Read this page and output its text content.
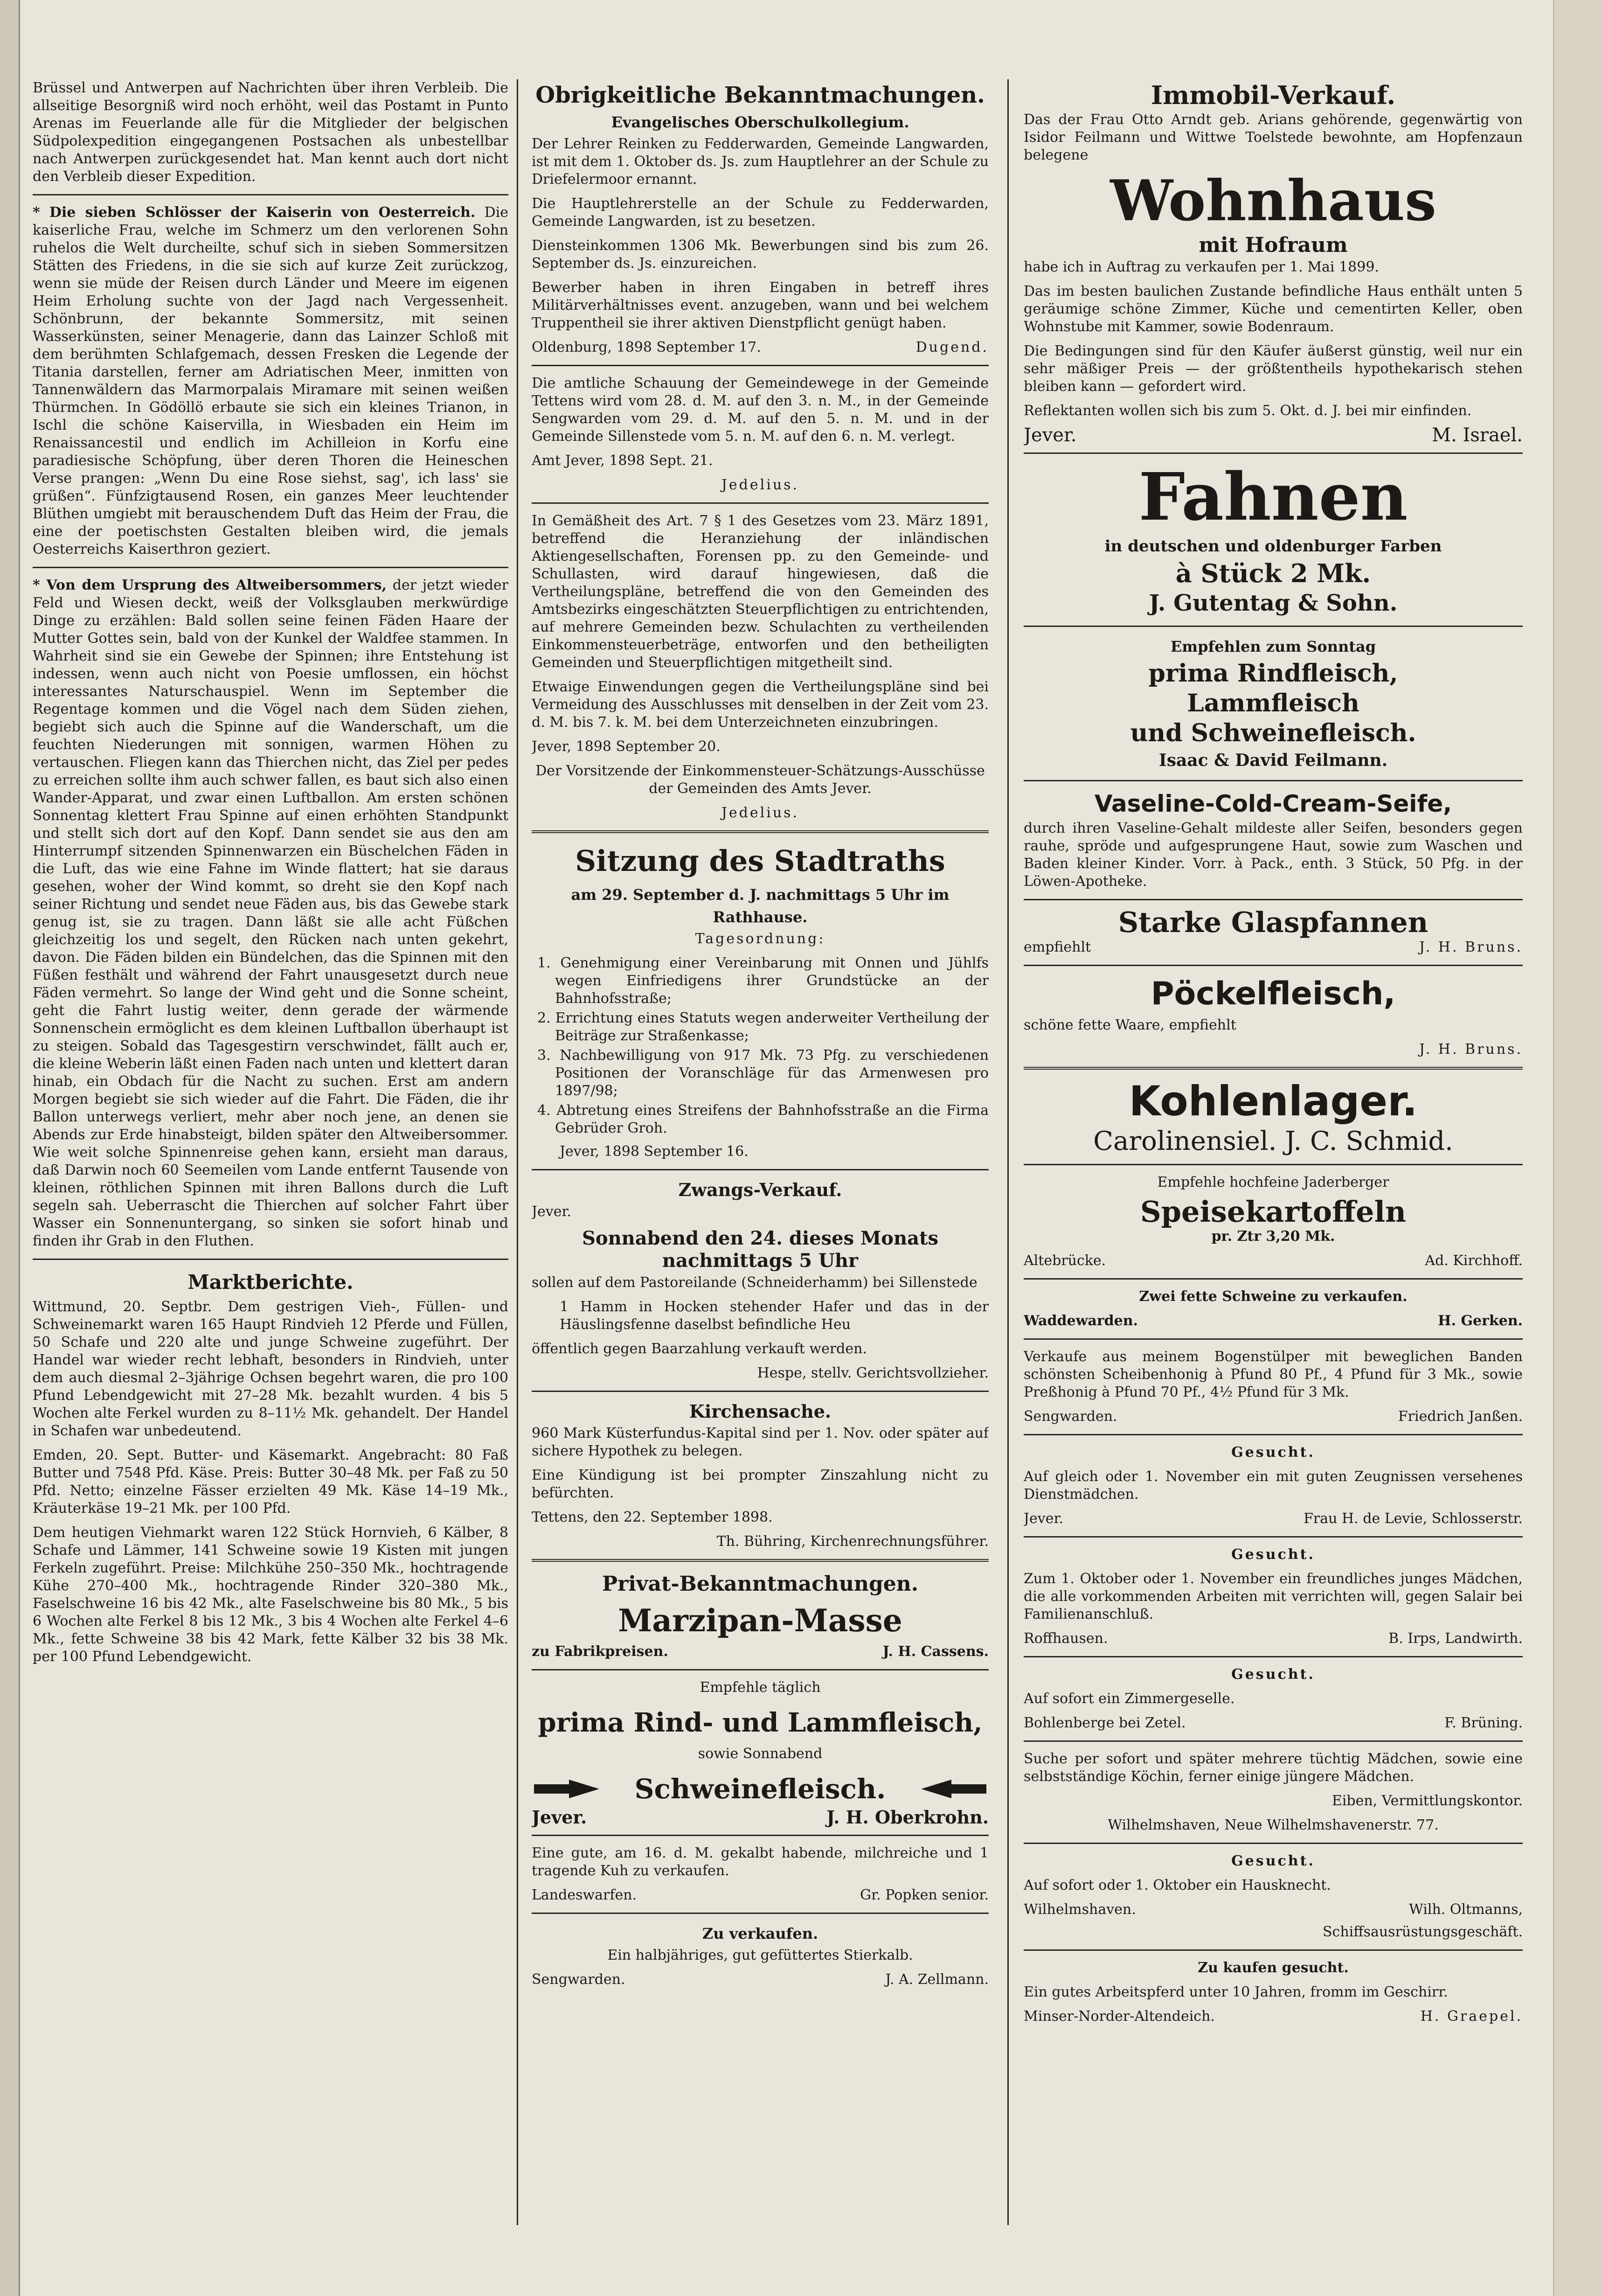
Brüssel und Antwerpen auf Nachrichten über ihren Verbleib. Die allseitige Besorgniß wird noch erhöht, weil das Postamt in Punto Arenas im Feuerlande alle für die Mitglieder der belgischen Südpolexpedition eingegangenen Postsachen als unbestellbar nach Antwerpen zurückgesendet hat. Man kennt auch dort nicht den Verbleib dieser Expedition.

* Die sieben Schlösser der Kaiserin von Oesterreich. Die kaiserliche Frau, welche im Schmerz um den verlorenen Sohn ruhelos die Welt durcheilte, schuf sich in sieben Sommersitzen Stätten des Friedens, in die sie sich auf kurze Zeit zurückzog, wenn sie müde der Reisen durch Länder und Meere im eigenen Heim Erholung suchte von der Jagd nach Vergessenheit. Schönbrunn, der bekannte Sommersitz, mit seinen Wasserkünsten, seiner Menagerie, dann das Lainzer Schloß mit dem berühmten Schlafgemach, dessen Fresken die Legende der Titania darstellen, ferner am Adriatischen Meer, inmitten von Tannenwäldern das Marmorpalais Miramare mit seinen weißen Thürmchen. In Gödöllö erbaute sie sich ein kleines Trianon, in Ischl die schöne Kaiservilla, in Wiesbaden ein Heim im Renaissancestil und endlich im Achilleion in Korfu eine paradiesische Schöpfung, über deren Thoren die Heineschen Verse prangen: „Wenn Du eine Rose siehst, sag', ich lass' sie grüßen“. Fünfzigtausend Rosen, ein ganzes Meer leuchtender Blüthen umgiebt mit berauschendem Duft das Heim der Frau, die eine der poetischsten Gestalten bleiben wird, die jemals Oesterreichs Kaiserthron geziert.

* Von dem Ursprung des Altweibersommers, der jetzt wieder Feld und Wiesen deckt, weiß der Volksglauben merkwürdige Dinge zu erzählen: Bald sollen seine feinen Fäden Haare der Mutter Gottes sein, bald von der Kunkel der Waldfee stammen. In Wahrheit sind sie ein Gewebe der Spinnen; ihre Entstehung ist indessen, wenn auch nicht von Poesie umflossen, ein höchst interessantes Naturschauspiel. Wenn im September die Regentage kommen und die Vögel nach dem Süden ziehen, begiebt sich auch die Spinne auf die Wanderschaft, um die feuchten Niederungen mit sonnigen, warmen Höhen zu vertauschen. Fliegen kann das Thierchen nicht, das Ziel per pedes zu erreichen sollte ihm auch schwer fallen, es baut sich also einen Wander-Apparat, und zwar einen Luftballon. Am ersten schönen Sonnentag klettert Frau Spinne auf einen erhöhten Standpunkt und stellt sich dort auf den Kopf. Dann sendet sie aus den am Hinterrumpf sitzenden Spinnenwarzen ein Büschelchen Fäden in die Luft, das wie eine Fahne im Winde flattert; hat sie daraus gesehen, woher der Wind kommt, so dreht sie den Kopf nach seiner Richtung und sendet neue Fäden aus, bis das Gewebe stark genug ist, sie zu tragen. Dann läßt sie alle acht Füßchen gleichzeitig los und segelt, den Rücken nach unten gekehrt, davon. Die Fäden bilden ein Bündelchen, das die Spinnen mit den Füßen festhält und während der Fahrt unausgesetzt durch neue Fäden vermehrt. So lange der Wind geht und die Sonne scheint, geht die Fahrt lustig weiter, denn gerade der wärmende Sonnenschein ermöglicht es dem kleinen Luftballon überhaupt ist zu steigen. Sobald das Tagesgestirn verschwindet, fällt auch er, die kleine Weberin läßt einen Faden nach unten und klettert daran hinab, ein Obdach für die Nacht zu suchen. Erst am andern Morgen begiebt sie sich wieder auf die Fahrt. Die Fäden, die ihr Ballon unterwegs verliert, mehr aber noch jene, an denen sie Abends zur Erde hinabsteigt, bilden später den Altweibersommer. Wie weit solche Spinnenreise gehen kann, ersieht man daraus, daß Darwin noch 60 Seemeilen vom Lande entfernt Tausende von kleinen, röthlichen Spinnen mit ihren Ballons durch die Luft segeln sah. Ueberrascht die Thierchen auf solcher Fahrt über Wasser ein Sonnenuntergang, so sinken sie sofort hinab und finden ihr Grab in den Fluthen.

Marktberichte.

Wittmund, 20. Septbr. Dem gestrigen Vieh-, Füllen- und Schweinemarkt waren 165 Haupt Rindvieh 12 Pferde und Füllen, 50 Schafe und 220 alte und junge Schweine zugeführt. Der Handel war wieder recht lebhaft, besonders in Rindvieh, unter dem auch diesmal 2–3jährige Ochsen begehrt waren, die pro 100 Pfund Lebendgewicht mit 27–28 Mk. bezahlt wurden. 4 bis 5 Wochen alte Ferkel wurden zu 8–11½ Mk. gehandelt. Der Handel in Schafen war unbedeutend.

Emden, 20. Sept. Butter- und Käsemarkt. Angebracht: 80 Faß Butter und 7548 Pfd. Käse. Preis: Butter 30–48 Mk. per Faß zu 50 Pfd. Netto; einzelne Fässer erzielten 49 Mk. Käse 14–19 Mk., Kräuterkäse 19–21 Mk. per 100 Pfd.

Dem heutigen Viehmarkt waren 122 Stück Hornvieh, 6 Kälber, 8 Schafe und Lämmer, 141 Schweine sowie 19 Kisten mit jungen Ferkeln zugeführt. Preise: Milchkühe 250–350 Mk., hochtragende Kühe 270–400 Mk., hochtragende Rinder 320–380 Mk., Faselschweine 16 bis 42 Mk., alte Faselschweine bis 80 Mk., 5 bis 6 Wochen alte Ferkel 8 bis 12 Mk., 3 bis 4 Wochen alte Ferkel 4–6 Mk., fette Schweine 38 bis 42 Mark, fette Kälber 32 bis 38 Mk. per 100 Pfund Lebendgewicht.

Obrigkeitliche Bekanntmachungen.
Evangelisches Oberschulkollegium.

Der Lehrer Reinken zu Fedderwarden, Gemeinde Langwarden, ist mit dem 1. Oktober ds. Js. zum Hauptlehrer an der Schule zu Driefelermoor ernannt.

Die Hauptlehrerstelle an der Schule zu Fedderwarden, Gemeinde Langwarden, ist zu besetzen.

Diensteinkommen 1306 Mk. Bewerbungen sind bis zum 26. September ds. Js. einzureichen.

Bewerber haben in ihren Eingaben in betreff ihres Militärverhältnisses event. anzugeben, wann und bei welchem Truppentheil sie ihrer aktiven Dienstpflicht genügt haben.

Oldenburg, 1898 September 17.	Dugend.

Die amtliche Schauung der Gemeindewege in der Gemeinde Tettens wird vom 28. d. M. auf den 3. n. M., in der Gemeinde Sengwarden vom 29. d. M. auf den 5. n. M. und in der Gemeinde Sillenstede vom 5. n. M. auf den 6. n. M. verlegt.

Amt Jever, 1898 Sept. 21.

Jedelius.

In Gemäßheit des Art. 7 § 1 des Gesetzes vom 23. März 1891, betreffend die Heranziehung der inländischen Aktiengesellschaften, Forensen pp. zu den Gemeinde- und Schullasten, wird darauf hingewiesen, daß die Vertheilungspläne, betreffend die von den Gemeinden des Amtsbezirks eingeschätzten Steuerpflichtigen zu entrichtenden, auf mehrere Gemeinden bezw. Schulachten zu vertheilenden Einkommensteuerbeträge, entworfen und den betheiligten Gemeinden und Steuerpflichtigen mitgetheilt sind.

Etwaige Einwendungen gegen die Vertheilungspläne sind bei Vermeidung des Ausschlusses mit denselben in der Zeit vom 23. d. M. bis 7. k. M. bei dem Unterzeichneten einzubringen.

Jever, 1898 September 20.

Der Vorsitzende der Einkommensteuer-Schätzungs-Ausschüsse der Gemeinden des Amts Jever.

Jedelius.

Sitzung des Stadtraths
am 29. September d. J. nachmittags 5 Uhr im Rathhause.

Tagesordnung:

1. Genehmigung einer Vereinbarung mit Onnen und Jühlfs wegen Einfriedigens ihrer Grundstücke an der Bahnhofsstraße;
2. Errichtung eines Statuts wegen anderweiter Vertheilung der Beiträge zur Straßenkasse;
3. Nachbewilligung von 917 Mk. 73 Pfg. zu verschiedenen Positionen der Voranschläge für das Armenwesen pro 1897/98;
4. Abtretung eines Streifens der Bahnhofsstraße an die Firma Gebrüder Groh.

Jever, 1898 September 16.

Zwangs-Verkauf.

Jever.

Sonnabend den 24. dieses Monats nachmittags 5 Uhr

sollen auf dem Pastoreilande (Schneiderhamm) bei Sillenstede

1 Hamm in Hocken stehender Hafer und das in der Häuslingsfenne daselbst befindliche Heu

öffentlich gegen Baarzahlung verkauft werden.

Hespe, stellv. Gerichtsvollzieher.

Kirchensache.

960 Mark Küsterfundus-Kapital sind per 1. Nov. oder später auf sichere Hypothek zu belegen.

Eine Kündigung ist bei prompter Zinszahlung nicht zu befürchten.

Tettens, den 22. September 1898.

Th. Bühring, Kirchenrechnungsführer.

Privat-Bekanntmachungen.
Marzipan-Masse
zu Fabrikpreisen.	J. H. Cassens.

Empfehle täglich

prima Rind- und Lammfleisch,

sowie Sonnabend

Schweinefleisch.
Jever.	J. H. Oberkrohn.

Eine gute, am 16. d. M. gekalbt habende, milchreiche und 1 tragende Kuh zu verkaufen.

Landeswarfen.	Gr. Popken senior.
Zu verkaufen.

Ein halbjähriges, gut gefüttertes Stierkalb.

Sengwarden.	J. A. Zellmann.
Immobil-Verkauf.

Das der Frau Otto Arndt geb. Arians gehörende, gegenwärtig von Isidor Feilmann und Wittwe Toelstede bewohnte, am Hopfenzaun belegene

Wohnhaus
mit Hofraum

habe ich in Auftrag zu verkaufen per 1. Mai 1899.

Das im besten baulichen Zustande befindliche Haus enthält unten 5 geräumige schöne Zimmer, Küche und cementirten Keller, oben Wohnstube mit Kammer, sowie Bodenraum.

Die Bedingungen sind für den Käufer äußerst günstig, weil nur ein sehr mäßiger Preis — der größtentheils hypothekarisch stehen bleiben kann — gefordert wird.

Reflektanten wollen sich bis zum 5. Okt. d. J. bei mir einfinden.

Jever.	M. Israel.
Fahnen
in deutschen und oldenburger Farben
à Stück 2 Mk.
J. Gutentag & Sohn.
Empfehlen zum Sonntag
prima Rindfleisch,
Lammfleisch
und Schweinefleisch.
Isaac & David Feilmann.
Vaseline-Cold-Cream-Seife,

durch ihren Vaseline-Gehalt mildeste aller Seifen, besonders gegen rauhe, spröde und aufgesprungene Haut, sowie zum Waschen und Baden kleiner Kinder. Vorr. à Pack., enth. 3 Stück, 50 Pfg. in der Löwen-Apotheke.

Starke Glaspfannen
empfiehlt	J. H. Bruns.
Pöckelfleisch,

schöne fette Waare, empfiehlt

J. H. Bruns.

Kohlenlager.
Carolinensiel. J. C. Schmid.

Empfehle hochfeine Jaderberger

Speisekartoffeln

pr. Ztr 3,20 Mk.

Altebrücke.	Ad. Kirchhoff.

Zwei fette Schweine zu verkaufen.

Waddewarden.	H. Gerken.

Verkaufe aus meinem Bogenstülper mit beweglichen Banden schönsten Scheibenhonig à Pfund 80 Pf., 4 Pfund für 3 Mk., sowie Preßhonig à Pfund 70 Pf., 4½ Pfund für 3 Mk.

Sengwarden.	Friedrich Janßen.

Gesucht.

Auf gleich oder 1. November ein mit guten Zeugnissen versehenes Dienstmädchen.

Jever.	Frau H. de Levie, Schlosserstr.

Gesucht.

Zum 1. Oktober oder 1. November ein freundliches junges Mädchen, die alle vorkommenden Arbeiten mit verrichten will, gegen Salair bei Familienanschluß.

Roffhausen.	B. Irps, Landwirth.

Gesucht.

Auf sofort ein Zimmergeselle.

Bohlenberge bei Zetel.	F. Brüning.

Suche per sofort und später mehrere tüchtig Mädchen, sowie eine selbstständige Köchin, ferner einige jüngere Mädchen.

Eiben, Vermittlungskontor.

Wilhelmshaven, Neue Wilhelmshavenerstr. 77.

Gesucht.

Auf sofort oder 1. Oktober ein Hausknecht.

Wilhelmshaven.	Wilh. Oltmanns,

Schiffsausrüstungsgeschäft.

Zu kaufen gesucht.

Ein gutes Arbeitspferd unter 10 Jahren, fromm im Geschirr.

Minser-Norder-Altendeich.	H. Graepel.
